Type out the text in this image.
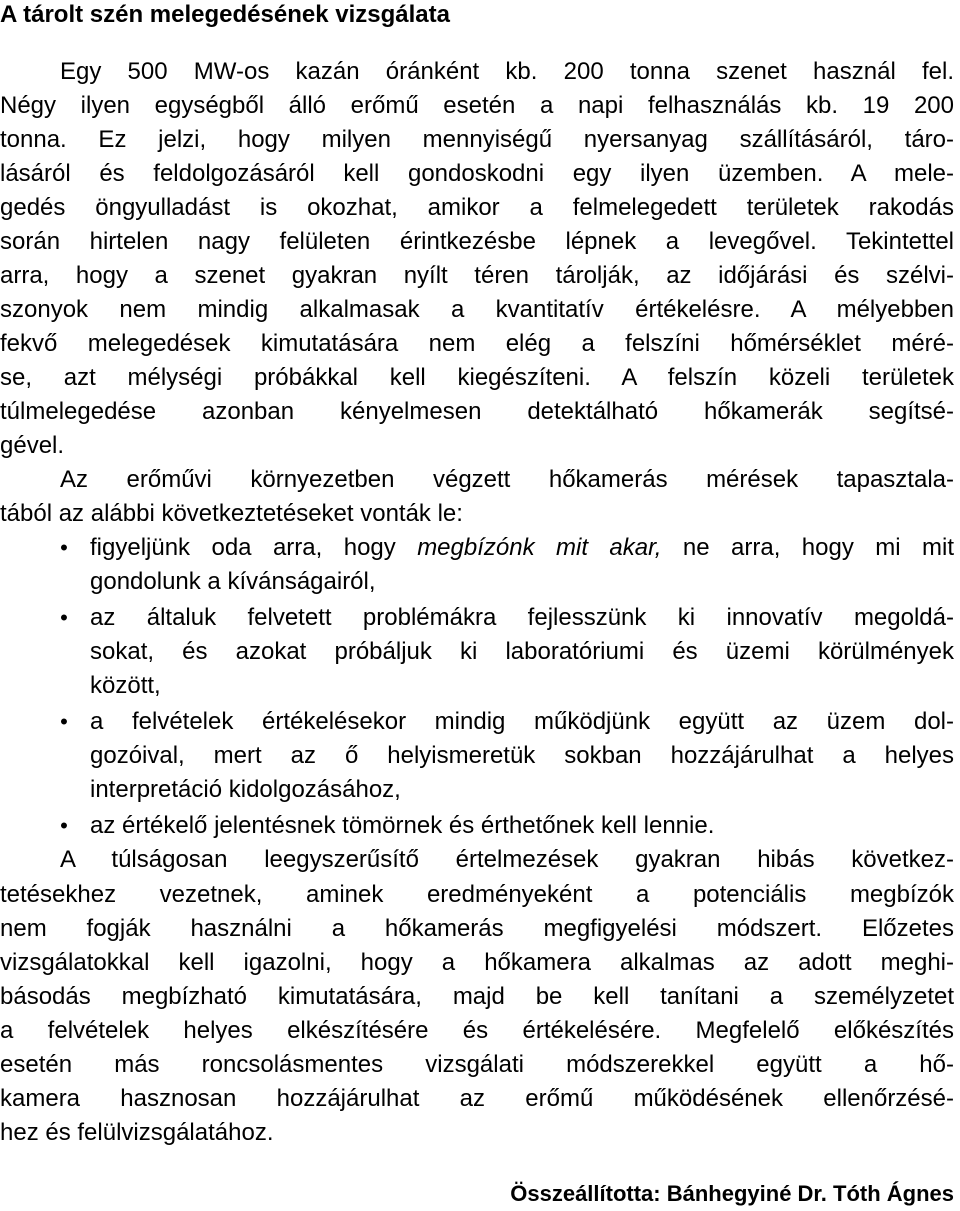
A tárolt szén melegedésének vizsgálata
Egy 500 MW-os kazán óránként kb. 200 tonna szenet használ fel.
Négy ilyen egységből álló erőmű esetén a napi felhasználás kb. 19 200
tonna. Ez jelzi, hogy milyen mennyiségű nyersanyag szállításáról, táro-
lásáról és feldolgozásáról kell gondoskodni egy ilyen üzemben. A mele-
gedés öngyulladást is okozhat, amikor a felmelegedett területek rakodás
során hirtelen nagy felületen érintkezésbe lépnek a levegővel. Tekintettel
arra, hogy a szenet gyakran nyílt téren tárolják, az időjárási és szélvi-
szonyok nem mindig alkalmasak a kvantitatív értékelésre. A mélyebben
fekvő melegedések kimutatására nem elég a felszíni hőmérséklet méré-
se, azt mélységi próbákkal kell kiegészíteni. A felszín közeli területek
túlmelegedése azonban kényelmesen detektálható hőkamerák segítsé-
gével.
Az erőművi környezetben végzett hőkamerás mérések tapasztala-
tából az alábbi következtetéseket vonták le:
• figyeljünk oda arra, hogy megbízónk mit akar, ne arra, hogy mi mit
gondolunk a kívánságairól,
• az általuk felvetett problémákra fejlesszünk ki innovatív megoldá-
sokat, és azokat próbáljuk ki laboratóriumi és üzemi körülmények
között,
• a felvételek értékelésekor mindig működjünk együtt az üzem dol-
gozóival, mert az ő helyismeretük sokban hozzájárulhat a helyes
interpretáció kidolgozásához,
• az értékelő jelentésnek tömörnek és érthetőnek kell lennie.
A túlságosan leegyszerűsítő értelmezések gyakran hibás következ-
tetésekhez vezetnek, aminek eredményeként a potenciális megbízók
nem fogják használni a hőkamerás megfigyelési módszert. Előzetes
vizsgálatokkal kell igazolni, hogy a hőkamera alkalmas az adott meghi-
básodás megbízható kimutatására, majd be kell tanítani a személyzetet
a felvételek helyes elkészítésére és értékelésére. Megfelelő előkészítés
esetén más roncsolásmentes vizsgálati módszerekkel együtt a hő-
kamera hasznosan hozzájárulhat az erőmű működésének ellenőrzésé-
hez és felülvizsgálatához.
Összeállította: Bánhegyiné Dr. Tóth Ágnes
